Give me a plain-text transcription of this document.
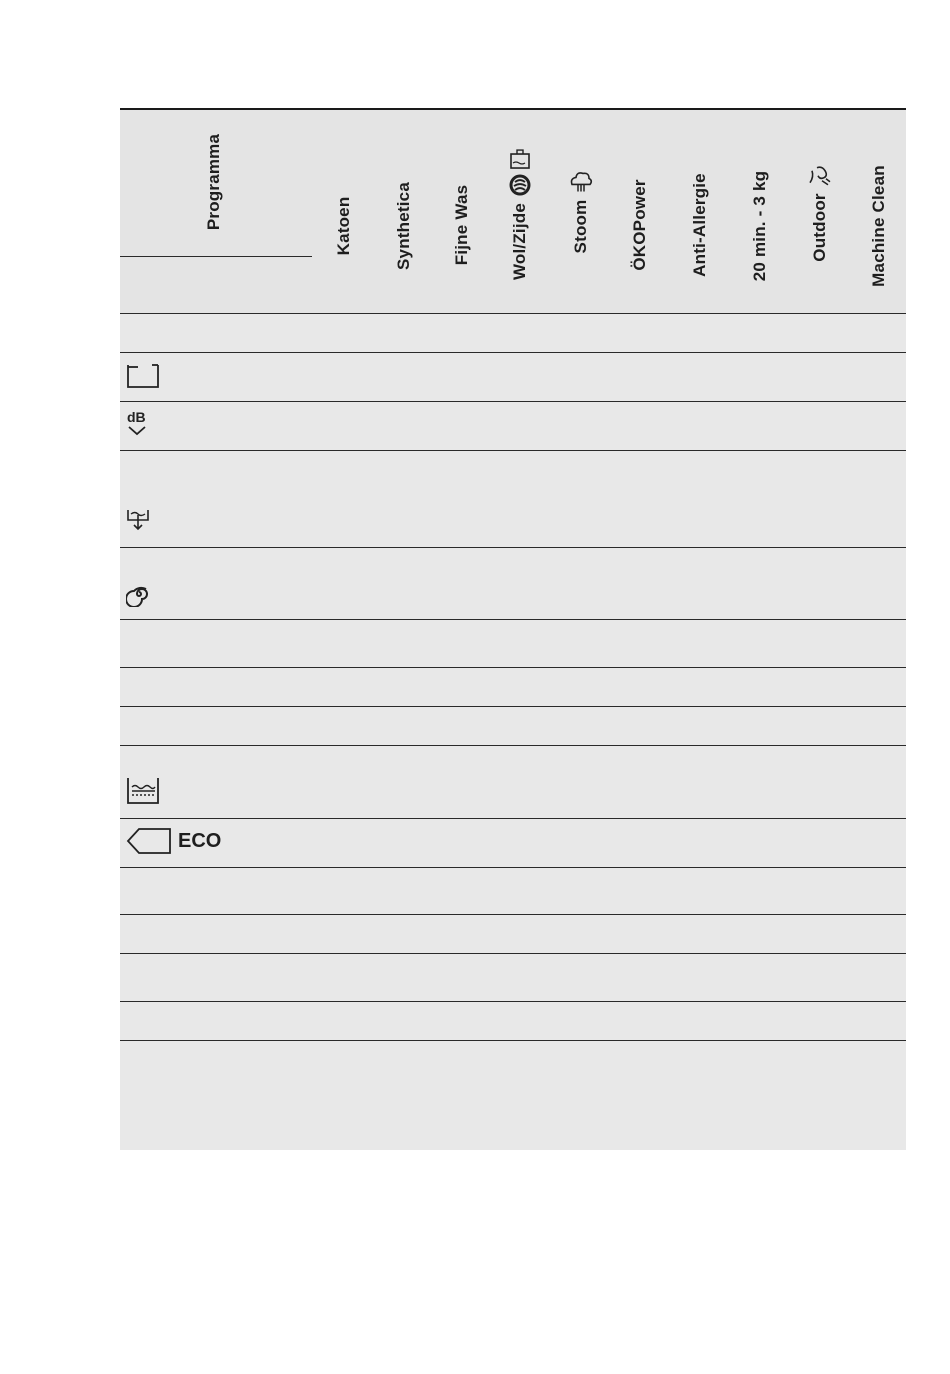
Programma	Katoen Synthetica Fijne Was Wol/Zijde Stoom ÖKOPower Anti-Allergie 20 min. - 3 kg Outdoor Machine Clean
dB
ECO
